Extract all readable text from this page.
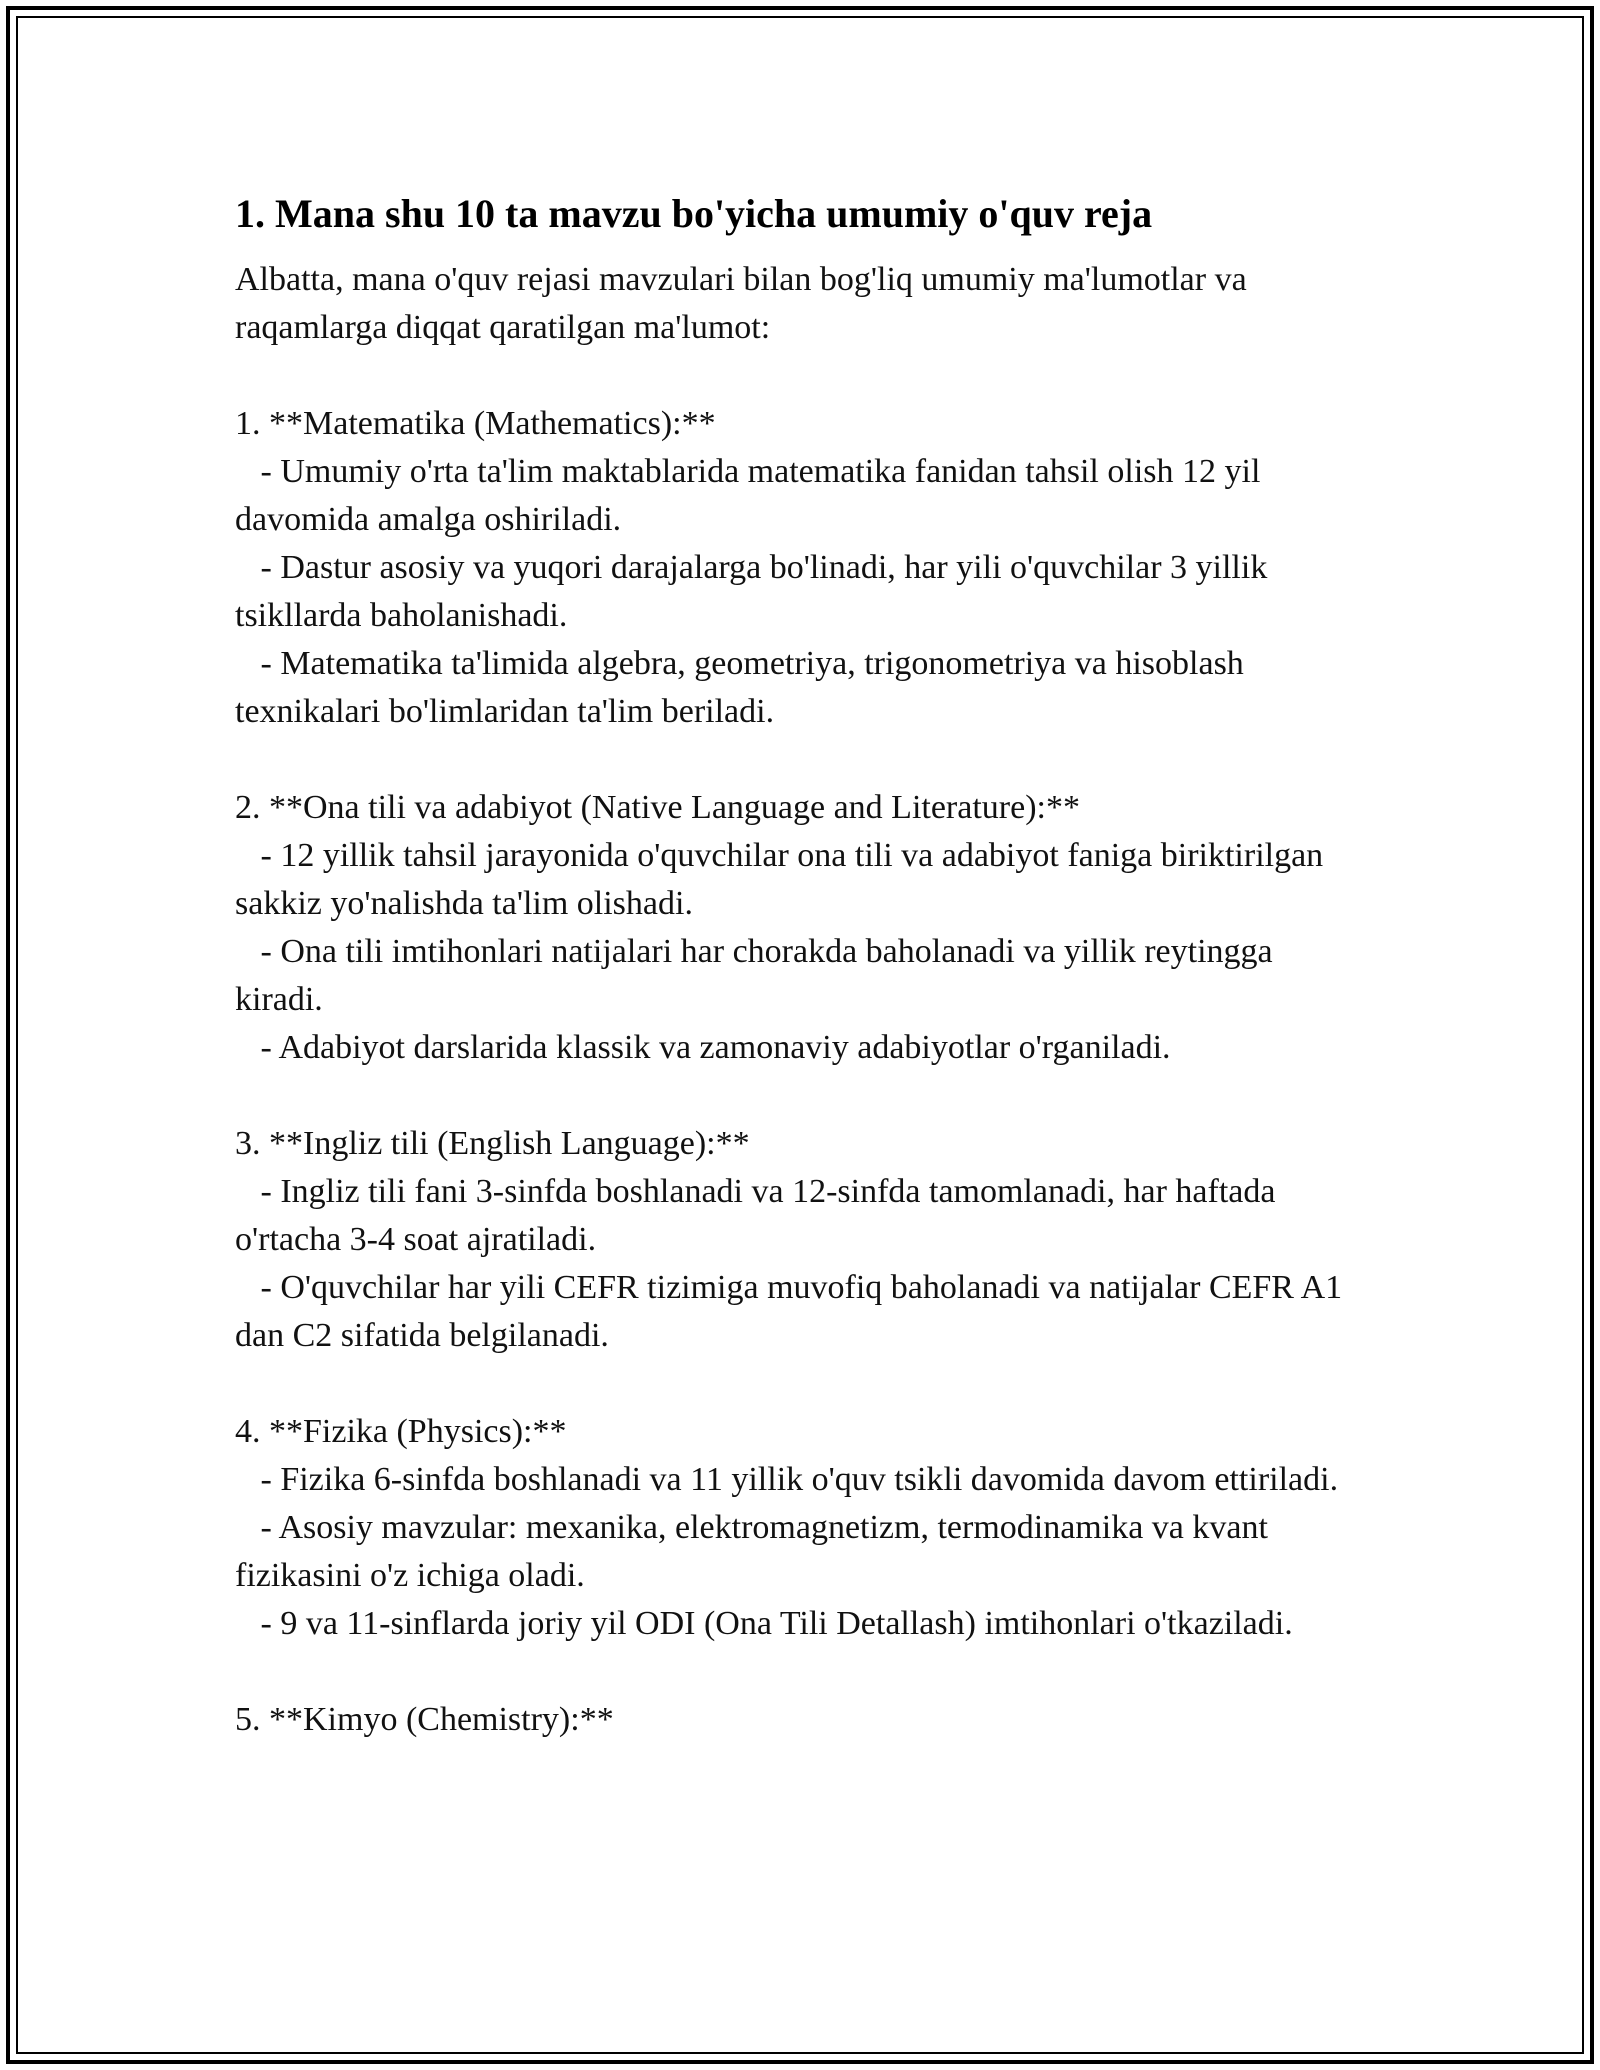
1. Mana shu 10 ta mavzu bo'yicha umumiy o'quv reja

Albatta, mana o'quv rejasi mavzulari bilan bog'liq umumiy ma'lumotlar va raqamlarga diqqat qaratilgan ma'lumot:

1. **Matematika (Mathematics):**

- Umumiy o'rta ta'lim maktablarida matematika fanidan tahsil olish 12 yil davomida amalga oshiriladi.

- Dastur asosiy va yuqori darajalarga bo'linadi, har yili o'quvchilar 3 yillik tsikllarda baholanishadi.

- Matematika ta'limida algebra, geometriya, trigonometriya va hisoblash texnikalari bo'limlaridan ta'lim beriladi.

2. **Ona tili va adabiyot (Native Language and Literature):**

- 12 yillik tahsil jarayonida o'quvchilar ona tili va adabiyot faniga biriktirilgan sakkiz yo'nalishda ta'lim olishadi.

- Ona tili imtihonlari natijalari har chorakda baholanadi va yillik reytingga kiradi.

- Adabiyot darslarida klassik va zamonaviy adabiyotlar o'rganiladi.

3. **Ingliz tili (English Language):**

- Ingliz tili fani 3-sinfda boshlanadi va 12-sinfda tamomlanadi, har haftada o'rtacha 3-4 soat ajratiladi.

- O'quvchilar har yili CEFR tizimiga muvofiq baholanadi va natijalar CEFR A1 dan C2 sifatida belgilanadi.

4. **Fizika (Physics):**

- Fizika 6-sinfda boshlanadi va 11 yillik o'quv tsikli davomida davom ettiriladi.

- Asosiy mavzular: mexanika, elektromagnetizm, termodinamika va kvant fizikasini o'z ichiga oladi.

- 9 va 11-sinflarda joriy yil ODI (Ona Tili Detallash) imtihonlari o'tkaziladi.

5. **Kimyo (Chemistry):**
